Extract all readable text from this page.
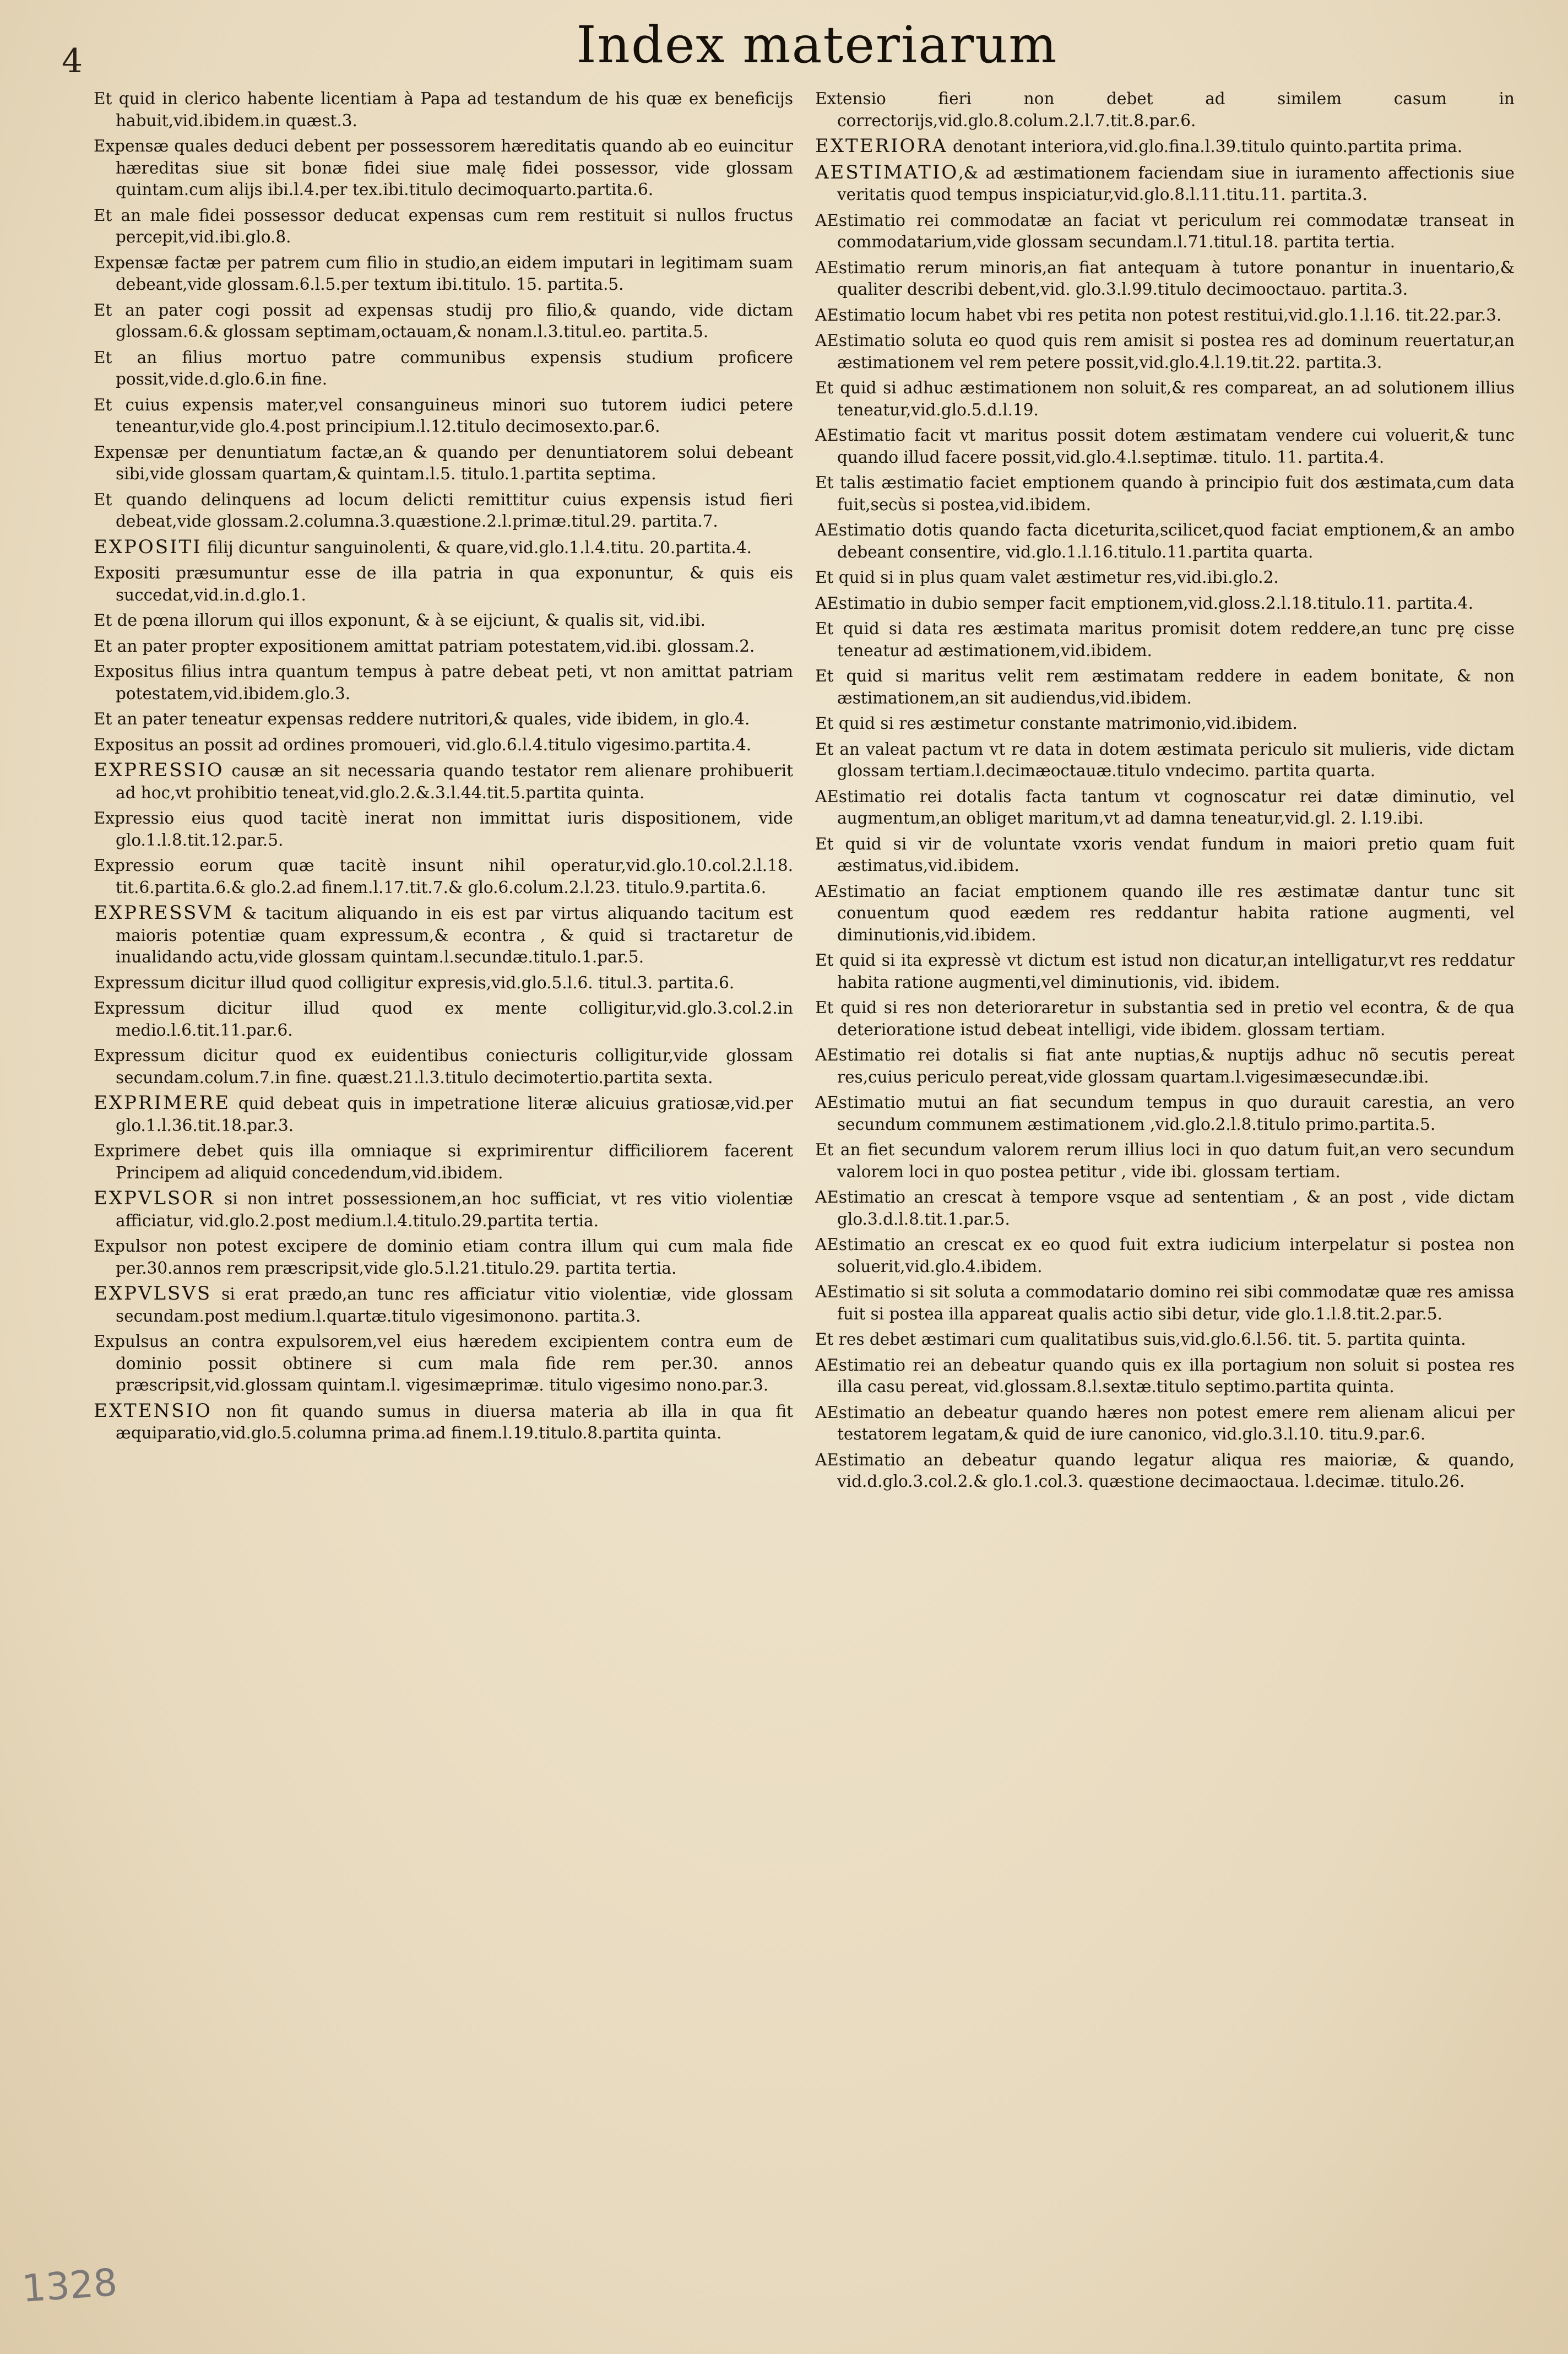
4	Index materiarum

Et quid in clerico habente licentiam à Papa ad testandum de his quæ ex beneficijs habuit,vid.ibidem.in quæst.3.

Expensæ quales deduci debent per possessorem hæreditatis quando ab eo euincitur hæreditas siue sit bonæ fidei siue malę fidei possessor, vide glossam quintam.cum alijs ibi.l.4.per tex.ibi.titulo decimoquarto.partita.6.

Et an male fidei possessor deducat expensas cum rem restituit si nullos fructus percepit,vid.ibi.glo.8.

Expensæ factæ per patrem cum filio in studio,an eidem imputari in legitimam suam debeant,vide glossam.6.l.5.per textum ibi.titulo. 15. partita.5.

Et an pater cogi possit ad expensas studij pro filio,& quando, vide dictam glossam.6.& glossam septimam,octauam,& nonam.l.3.titul.eo. partita.5.

Et an filius mortuo patre communibus expensis studium proficere possit,vide.d.glo.6.in fine.

Et cuius expensis mater,vel consanguineus minori suo tutorem iudici petere teneantur,vide glo.4.post principium.l.12.titulo decimosexto.par.6.

Expensæ per denuntiatum factæ,an & quando per denuntiatorem solui debeant sibi,vide glossam quartam,& quintam.l.5. titulo.1.partita septima.

Et quando delinquens ad locum delicti remittitur cuius expensis istud fieri debeat,vide glossam.2.columna.3.quæstione.2.l.primæ.titul.29. partita.7.

EXPOSITI filij dicuntur sanguinolenti, & quare,vid.glo.1.l.4.titu. 20.partita.4.

Expositi præsumuntur esse de illa patria in qua exponuntur, & quis eis succedat,vid.in.d.glo.1.

Et de pœna illorum qui illos exponunt, & à se eijciunt, & qualis sit, vid.ibi.

Et an pater propter expositionem amittat patriam potestatem,vid.ibi. glossam.2.

Expositus filius intra quantum tempus à patre debeat peti, vt non amittat patriam potestatem,vid.ibidem.glo.3.

Et an pater teneatur expensas reddere nutritori,& quales, vide ibidem, in glo.4.

Expositus an possit ad ordines promoueri, vid.glo.6.l.4.titulo vigesimo.partita.4.

EXPRESSIO causæ an sit necessaria quando testator rem alienare prohibuerit ad hoc,vt prohibitio teneat,vid.glo.2.&.3.l.44.tit.5.partita quinta.

Expressio eius quod tacitè inerat non immittat iuris dispositionem, vide glo.1.l.8.tit.12.par.5.

Expressio eorum quæ tacitè insunt nihil operatur,vid.glo.10.col.2.l.18. tit.6.partita.6.& glo.2.ad finem.l.17.tit.7.& glo.6.colum.2.l.23. titulo.9.partita.6.

EXPRESSVM & tacitum aliquando in eis est par virtus aliquando tacitum est maioris potentiæ quam expressum,& econtra , & quid si tractaretur de inualidando actu,vide glossam quintam.l.secundæ.titulo.1.par.5.

Expressum dicitur illud quod colligitur expresis,vid.glo.5.l.6. titul.3. partita.6.

Expressum dicitur illud quod ex mente colligitur,vid.glo.3.col.2.in medio.l.6.tit.11.par.6.

Expressum dicitur quod ex euidentibus coniecturis colligitur,vide glossam secundam.colum.7.in fine. quæst.21.l.3.titulo decimotertio.partita sexta.

EXPRIMERE quid debeat quis in impetratione literæ alicuius gratiosæ,vid.per glo.1.l.36.tit.18.par.3.

Exprimere debet quis illa omniaque si exprimirentur difficiliorem facerent Principem ad aliquid concedendum,vid.ibidem.

EXPVLSOR si non intret possessionem,an hoc sufficiat, vt res vitio violentiæ afficiatur, vid.glo.2.post medium.l.4.titulo.29.partita tertia.

Expulsor non potest excipere de dominio etiam contra illum qui cum mala fide per.30.annos rem præscripsit,vide glo.5.l.21.titulo.29. partita tertia.

EXPVLSVS si erat prædo,an tunc res afficiatur vitio violentiæ, vide glossam secundam.post medium.l.quartæ.titulo vigesimonono. partita.3.

Expulsus an contra expulsorem,vel eius hæredem excipientem contra eum de dominio possit obtinere si cum mala fide rem per.30. annos præscripsit,vid.glossam quintam.l. vigesimæprimæ. titulo vigesimo nono.par.3.

EXTENSIO non fit quando sumus in diuersa materia ab illa in qua fit æquiparatio,vid.glo.5.columna prima.ad finem.l.19.titulo.8.partita quinta.

Extensio fieri non debet ad similem casum in correctorijs,vid.glo.8.colum.2.l.7.tit.8.par.6.

EXTERIORA denotant interiora,vid.glo.fina.l.39.titulo quinto.partita prima.

AESTIMATIO,& ad æstimationem faciendam siue in iuramento affectionis siue veritatis quod tempus inspiciatur,vid.glo.8.l.11.titu.11. partita.3.

AEstimatio rei commodatæ an faciat vt periculum rei commodatæ transeat in commodatarium,vide glossam secundam.l.71.titul.18. partita tertia.

AEstimatio rerum minoris,an fiat antequam à tutore ponantur in inuentario,& qualiter describi debent,vid. glo.3.l.99.titulo decimooctauo. partita.3.

AEstimatio locum habet vbi res petita non potest restitui,vid.glo.1.l.16. tit.22.par.3.

AEstimatio soluta eo quod quis rem amisit si postea res ad dominum reuertatur,an æstimationem vel rem petere possit,vid.glo.4.l.19.tit.22. partita.3.

Et quid si adhuc æstimationem non soluit,& res compareat, an ad solutionem illius teneatur,vid.glo.5.d.l.19.

AEstimatio facit vt maritus possit dotem æstimatam vendere cui voluerit,& tunc quando illud facere possit,vid.glo.4.l.septimæ. titulo. 11. partita.4.

Et talis æstimatio faciet emptionem quando à principio fuit dos æstimata,cum data fuit,secùs si postea,vid.ibidem.

AEstimatio dotis quando facta diceturita,scilicet,quod faciat emptionem,& an ambo debeant consentire, vid.glo.1.l.16.titulo.11.partita quarta.

Et quid si in plus quam valet æstimetur res,vid.ibi.glo.2.

AEstimatio in dubio semper facit emptionem,vid.gloss.2.l.18.titulo.11. partita.4.

Et quid si data res æstimata maritus promisit dotem reddere,an tunc prę cisse teneatur ad æstimationem,vid.ibidem.

Et quid si maritus velit rem æstimatam reddere in eadem bonitate, & non æstimationem,an sit audiendus,vid.ibidem.

Et quid si res æstimetur constante matrimonio,vid.ibidem.

Et an valeat pactum vt re data in dotem æstimata periculo sit mulieris, vide dictam glossam tertiam.l.decimæoctauæ.titulo vndecimo. partita quarta.

AEstimatio rei dotalis facta tantum vt cognoscatur rei datæ diminutio, vel augmentum,an obliget maritum,vt ad damna teneatur,vid.gl. 2. l.19.ibi.

Et quid si vir de voluntate vxoris vendat fundum in maiori pretio quam fuit æstimatus,vid.ibidem.

AEstimatio an faciat emptionem quando ille res æstimatæ dantur tunc sit conuentum quod eædem res reddantur habita ratione augmenti, vel diminutionis,vid.ibidem.

Et quid si ita expressè vt dictum est istud non dicatur,an intelligatur,vt res reddatur habita ratione augmenti,vel diminutionis, vid. ibidem.

Et quid si res non deterioraretur in substantia sed in pretio vel econtra, & de qua deterioratione istud debeat intelligi, vide ibidem. glossam tertiam.

AEstimatio rei dotalis si fiat ante nuptias,& nuptijs adhuc nõ secutis pereat res,cuius periculo pereat,vide glossam quartam.l.vigesimæsecundæ.ibi.

AEstimatio mutui an fiat secundum tempus in quo durauit carestia, an vero secundum communem æstimationem ,vid.glo.2.l.8.titulo primo.partita.5.

Et an fiet secundum valorem rerum illius loci in quo datum fuit,an vero secundum valorem loci in quo postea petitur , vide ibi. glossam tertiam.

AEstimatio an crescat à tempore vsque ad sententiam , & an post , vide dictam glo.3.d.l.8.tit.1.par.5.

AEstimatio an crescat ex eo quod fuit extra iudicium interpelatur si postea non soluerit,vid.glo.4.ibidem.

AEstimatio si sit soluta a commodatario domino rei sibi commodatæ quæ res amissa fuit si postea illa appareat qualis actio sibi detur, vide glo.1.l.8.tit.2.par.5.

Et res debet æstimari cum qualitatibus suis,vid.glo.6.l.56. tit. 5. partita quinta.

AEstimatio rei an debeatur quando quis ex illa portagium non soluit si postea res illa casu pereat, vid.glossam.8.l.sextæ.titulo septimo.partita quinta.

AEstimatio an debeatur quando hæres non potest emere rem alienam alicui per testatorem legatam,& quid de iure canonico, vid.glo.3.l.10. titu.9.par.6.

AEstimatio an debeatur quando legatur aliqua res maioriæ, & quando, vid.d.glo.3.col.2.& glo.1.col.3. quæstione decimaoctaua. l.decimæ. titulo.26.

1328
